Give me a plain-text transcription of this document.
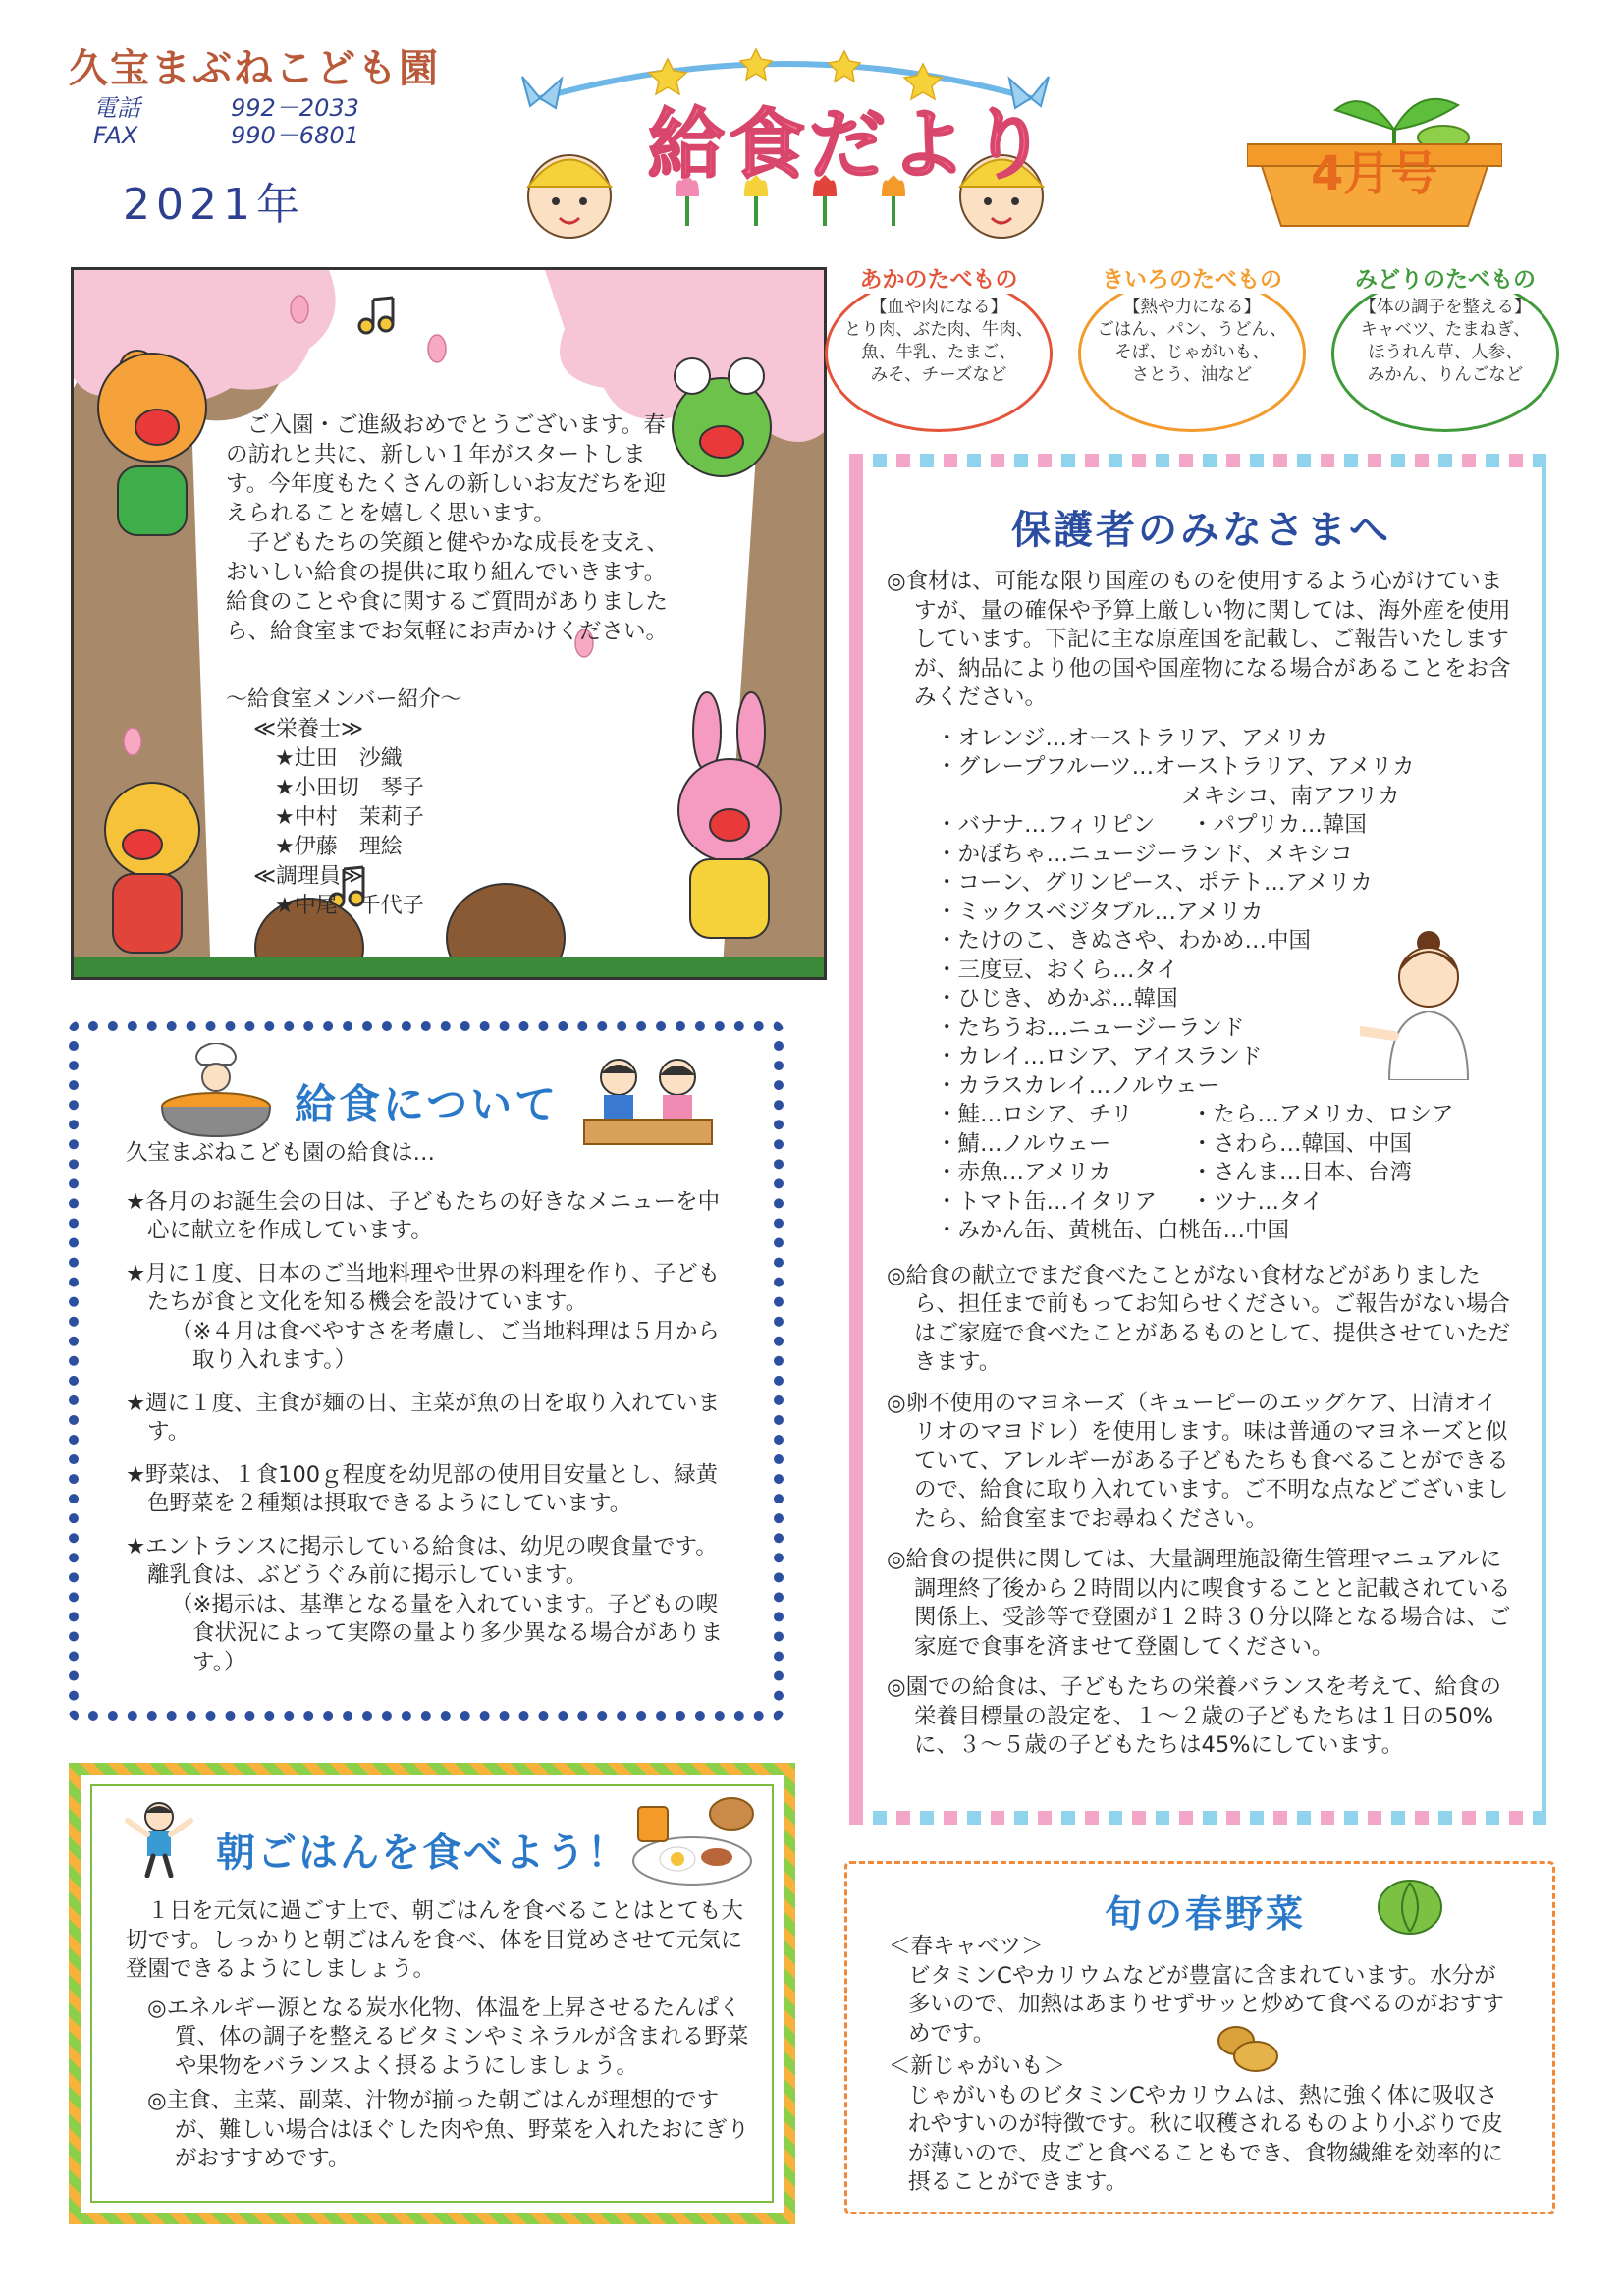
久宝まぶねこども園
電話	992－2033
FAX	990－6801
2021年
給食だより	4月号

ご入園・ご進級おめでとうございます。春の訪れと共に、新しい１年がスタートします。今年度もたくさんの新しいお友だちを迎えられることを嬉しく思います。

子どもたちの笑顔と健やかな成長を支え、おいしい給食の提供に取り組んでいきます。給食のことや食に関するご質問がありましたら、給食室までお気軽にお声かけください。

～給食室メンバー紹介～
≪栄養士≫
★辻田　沙織★小田切　琴子
★中村　茉莉子★伊藤　理絵
≪調理員≫
★中尾　千代子
あかのたべもの
【血や肉になる】
とり肉、ぶた肉、牛肉、
魚、牛乳、たまご、
みそ、チーズなど
きいろのたべもの
【熱や力になる】
ごはん、パン、うどん、
そば、じゃがいも、
さとう、油など
みどりのたべもの
【体の調子を整える】
キャベツ、たまねぎ、
ほうれん草、人参、
みかん、りんごなど
保護者のみなさまへ

◎食材は、可能な限り国産のものを使用するよう心がけていますが、量の確保や予算上厳しい物に関しては、海外産を使用しています。下記に主な原産国を記載し、ご報告いたしますが、納品により他の国や国産物になる場合があることをお含みください。

・オレンジ…オーストラリア、アメリカ
・グレープフルーツ…オーストラリア、アメリカ
メキシコ、南アフリカ
・バナナ…フィリピン ・パプリカ…韓国
・かぼちゃ…ニュージーランド、メキシコ
・コーン、グリンピース、ポテト…アメリカ
・ミックスベジタブル…アメリカ
・たけのこ、きぬさや、わかめ…中国
・三度豆、おくら…タイ
・ひじき、めかぶ…韓国
・たちうお…ニュージーランド
・カレイ…ロシア、アイスランド
・カラスカレイ…ノルウェー
・鮭…ロシア、チリ	・たら…アメリカ、ロシア
・鯖…ノルウェー	・さわら…韓国、中国
・赤魚…アメリカ	・さんま…日本、台湾
・トマト缶…イタリア ・ツナ…タイ
・みかん缶、黄桃缶、白桃缶…中国

◎給食の献立でまだ食べたことがない食材などがありましたら、担任まで前もってお知らせください。ご報告がない場合はご家庭で食べたことがあるものとして、提供させていただきます。

◎卵不使用のマヨネーズ（キューピーのエッグケア、日清オイリオのマヨドレ）を使用します。味は普通のマヨネーズと似ていて、アレルギーがある子どもたちも食べることができるので、給食に取り入れています。ご不明な点などございましたら、給食室までお尋ねください。

◎給食の提供に関しては、大量調理施設衛生管理マニュアルに調理終了後から２時間以内に喫食することと記載されている関係上、受診等で登園が１２時３０分以降となる場合は、ご家庭で食事を済ませて登園してください。

◎園での給食は、子どもたちの栄養バランスを考えて、給食の栄養目標量の設定を、１～２歳の子どもたちは１日の50%に、３～５歳の子どもたちは45%にしています。

給食について

久宝まぶねこども園の給食は…

★各月のお誕生会の日は、子どもたちの好きなメニューを中心に献立を作成しています。

★月に１度、日本のご当地料理や世界の料理を作り、子どもたちが食と文化を知る機会を設けています。
（※４月は食べやすさを考慮し、ご当地料理は５月から取り入れます。）

★週に１度、主食が麺の日、主菜が魚の日を取り入れています。

★野菜は、１食100ｇ程度を幼児部の使用目安量とし、緑黄色野菜を２種類は摂取できるようにしています。

★エントランスに掲示している給食は、幼児の喫食量です。離乳食は、ぶどうぐみ前に掲示しています。
（※掲示は、基準となる量を入れています。子どもの喫食状況によって実際の量より多少異なる場合があります。）

朝ごはんを食べよう！

１日を元気に過ごす上で、朝ごはんを食べることはとても大切です。しっかりと朝ごはんを食べ、体を目覚めさせて元気に登園できるようにしましょう。

◎エネルギー源となる炭水化物、体温を上昇させるたんぱく質、体の調子を整えるビタミンやミネラルが含まれる野菜や果物をバランスよく摂るようにしましょう。

◎主食、主菜、副菜、汁物が揃った朝ごはんが理想的ですが、難しい場合はほぐした肉や魚、野菜を入れたおにぎりがおすすめです。

旬の春野菜

＜春キャベツ＞

ビタミンCやカリウムなどが豊富に含まれています。水分が多いので、加熱はあまりせずサッと炒めて食べるのがおすすめです。

＜新じゃがいも＞

じゃがいものビタミンCやカリウムは、熱に強く体に吸収されやすいのが特徴です。秋に収穫されるものより小ぶりで皮が薄いので、皮ごと食べることもでき、食物繊維を効率的に摂ることができます。
